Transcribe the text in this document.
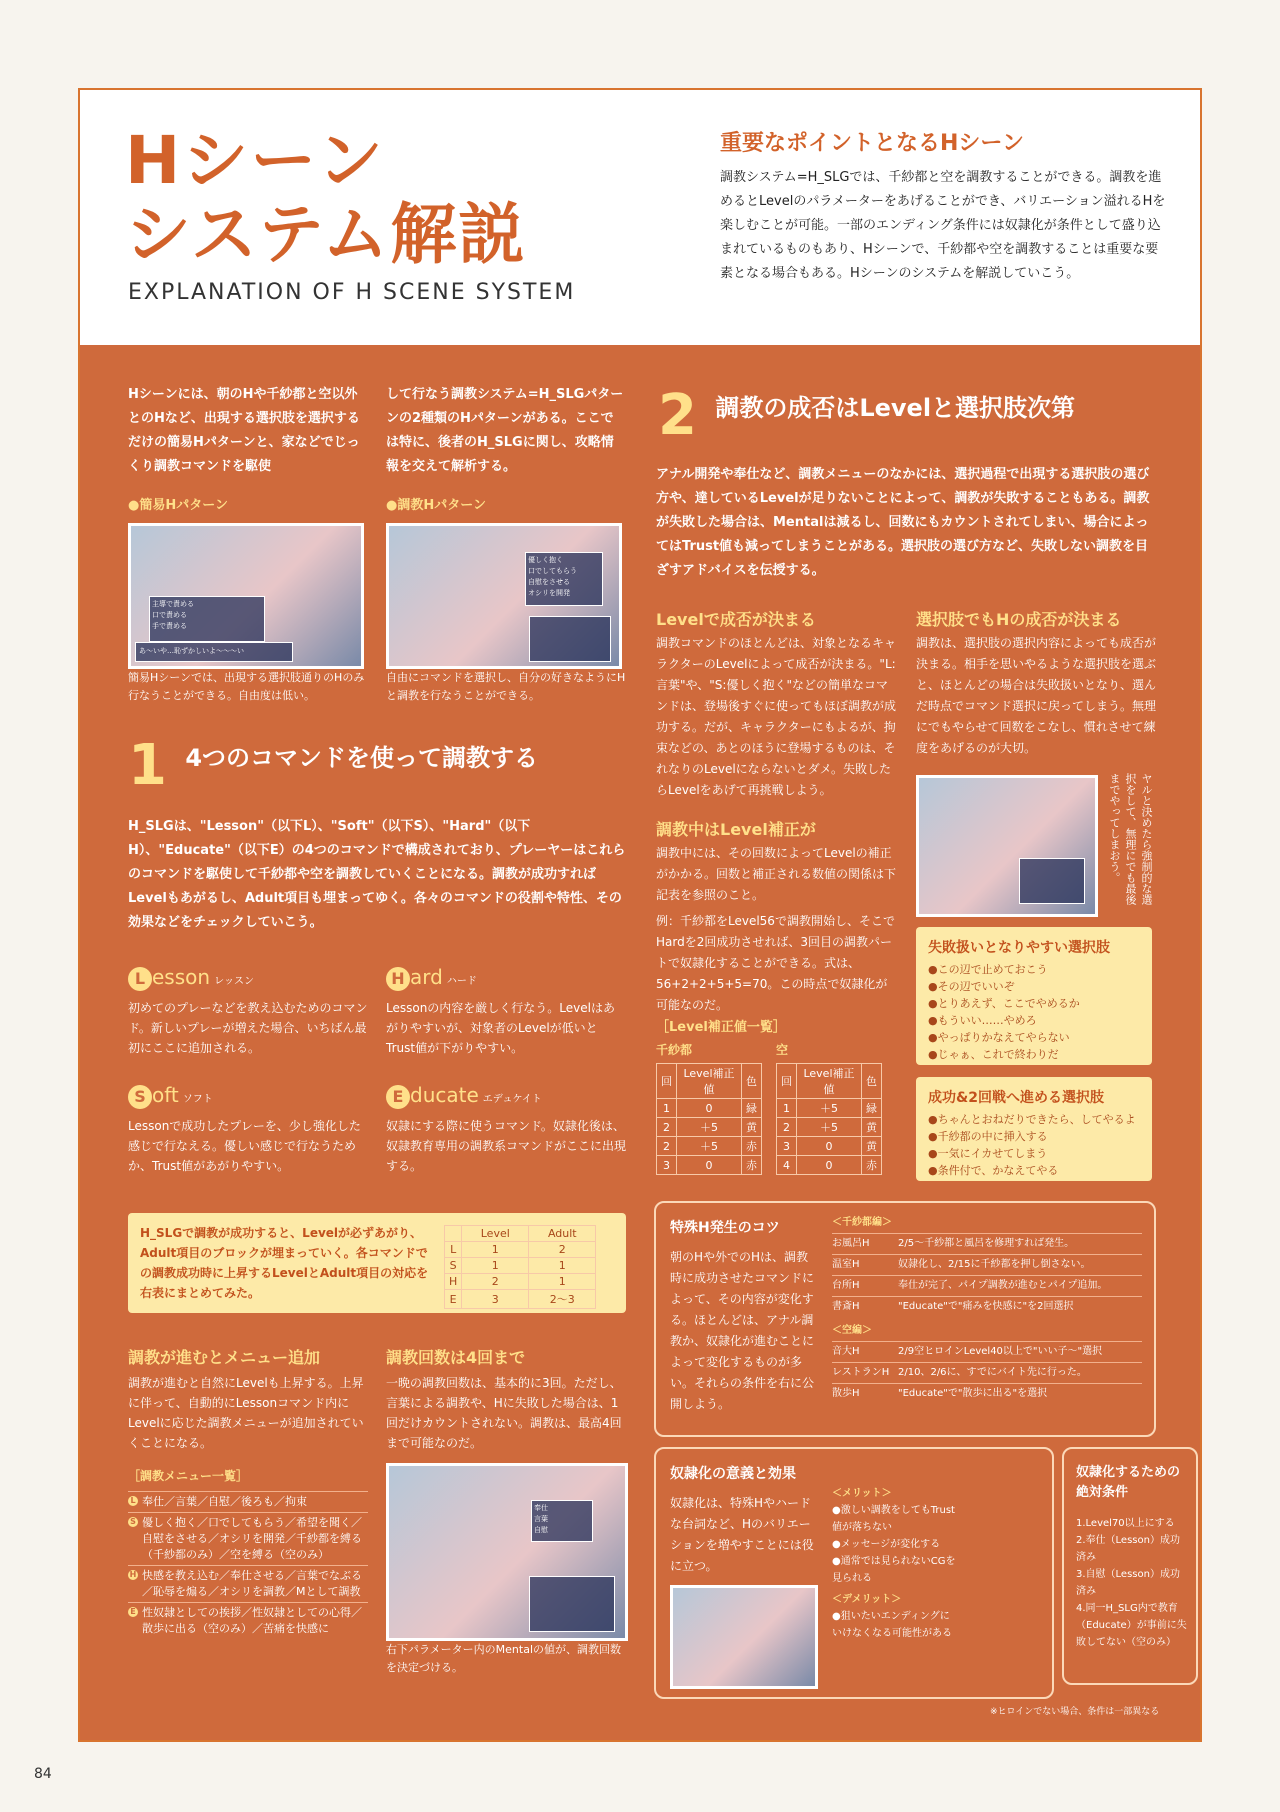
Hシーン
システム解説
EXPLANATION OF H SCENE SYSTEM
重要なポイントとなるHシーン
調教システム=H_SLGでは、千紗都と空を調教することができる。調教を進めるとLevelのパラメーターをあげることができ、バリエーション溢れるHを楽しむことが可能。一部のエンディング条件には奴隷化が条件として盛り込まれているものもあり、Hシーンで、千紗都や空を調教することは重要な要素となる場合もある。Hシーンのシステムを解説していこう。
Hシーンには、朝のHや千紗都と空以外とのHなど、出現する選択肢を選択するだけの簡易Hパターンと、家などでじっくり調教コマンドを駆使
して行なう調教システム=H_SLGパターンの2種類のHパターンがある。ここでは特に、後者のH_SLGに関し、攻略情報を交えて解析する。
●簡易Hパターン	●調教Hパターン
主導で責める
口で責める
手で責める
あ～いや…恥ずかしいよ～～～い
優しく抱く
口でしてもらう
自慰をさせる
オシリを開発
簡易Hシーンでは、出現する選択肢通りのHのみ行なうことができる。自由度は低い。
自由にコマンドを選択し、自分の好きなようにHと調教を行なうことができる。
1 4つのコマンドを使って調教する
H_SLGは、"Lesson"（以下L）、"Soft"（以下S）、"Hard"（以下H）、"Educate"（以下E）の4つのコマンドで構成されており、プレーヤーはこれらのコマンドを駆使して千紗都や空を調教していくことになる。調教が成功すればLevelもあがるし、Adult項目も埋まってゆく。各々のコマンドの役割や特性、その効果などをチェックしていこう。
L esson レッスン
初めてのプレーなどを教え込むためのコマンド。新しいプレーが増えた場合、いちばん最初にここに追加される。
H ard ハード
Lessonの内容を厳しく行なう。Levelはあがりやすいが、対象者のLevelが低いとTrust値が下がりやすい。
S oft ソフト
Lessonで成功したプレーを、少し強化した感じで行なえる。優しい感じで行なうためか、Trust値があがりやすい。
E ducate エデュケイト
奴隷にする際に使うコマンド。奴隷化後は、奴隷教育専用の調教系コマンドがここに出現する。
H_SLGで調教が成功すると、Levelが必ずあがり、Adult項目のブロックが埋まっていく。各コマンドでの調教成功時に上昇するLevelとAdult項目の対応を右表にまとめてみた。
	Level	Adult
L	1	2
S	1	1
H	2	1
E	3	2〜3
調教が進むとメニュー追加
調教が進むと自然にLevelも上昇する。上昇に伴って、自動的にLessonコマンド内にLevelに応じた調教メニューが追加されていくことになる。
［調教メニュー一覧］
L 奉仕／言葉／自慰／後ろも／拘束
S 優しく抱く／口でしてもらう／希望を聞く／自慰をさせる／オシリを開発／千紗都を縛る（千紗都のみ）／空を縛る（空のみ）
H 快感を教え込む／奉仕させる／言葉でなぶる／恥辱を煽る／オシリを調教／Mとして調教
E 性奴隷としての挨拶／性奴隷としての心得／散歩に出る（空のみ）／苦痛を快感に
調教回数は4回まで
一晩の調教回数は、基本的に3回。ただし、言葉による調教や、Hに失敗した場合は、1回だけカウントされない。調教は、最高4回まで可能なのだ。
奉仕
言葉
自慰
右下パラメーター内のMentalの値が、調教回数を決定づける。
2 調教の成否はLevelと選択肢次第
アナル開発や奉仕など、調教メニューのなかには、選択過程で出現する選択肢の選び方や、達しているLevelが足りないことによって、調教が失敗することもある。調教が失敗した場合は、Mentalは減るし、回数にもカウントされてしまい、場合によってはTrust値も減ってしまうことがある。選択肢の選び方など、失敗しない調教を目ざすアドバイスを伝授する。
Levelで成否が決まる
調教コマンドのほとんどは、対象となるキャラクターのLevelによって成否が決まる。"L:言葉"や、"S:優しく抱く"などの簡単なコマンドは、登場後すぐに使ってもほぼ調教が成功する。だが、キャラクターにもよるが、拘束などの、あとのほうに登場するものは、それなりのLevelにならないとダメ。失敗したらLevelをあげて再挑戦しよう。
選択肢でもHの成否が決まる
調教は、選択肢の選択内容によっても成否が決まる。相手を思いやるような選択肢を選ぶと、ほとんどの場合は失敗扱いとなり、選んだ時点でコマンド選択に戻ってしまう。無理にでもやらせて回数をこなし、慣れさせて練度をあげるのが大切。
ヤルと決めたら強制的な選択をして、無理にでも最後までやってしまおう。
調教中はLevel補正が
調教中には、その回数によってLevelの補正がかかる。回数と補正される数値の関係は下記表を参照のこと。
例：千紗都をLevel56で調教開始し、そこでHardを2回成功させれば、3回目の調教パートで奴隷化することができる。式は、56+2+2+5+5=70。この時点で奴隷化が可能なのだ。
［Level補正値一覧］
千紗都	空
回	Level補正値	色
1	0	緑
2	＋5	黄
2	＋5	赤
3	0	赤
回	Level補正値	色
1	＋5	緑
2	＋5	黄
3	0	黄
4	0	赤
失敗扱いとなりやすい選択肢
●この辺で止めておこう
●その辺でいいぞ
●とりあえず、ここでやめるか
●もういい……やめろ
●やっぱりかなえてやらない
●じゃぁ、これで終わりだ
成功&2回戦へ進める選択肢
●ちゃんとおねだりできたら、してやるよ
●千紗都の中に挿入する
●一気にイカせてしまう
●条件付で、かなえてやる
特殊H発生のコツ
朝のHや外でのHは、調教時に成功させたコマンドによって、その内容が変化する。ほとんどは、アナル調教か、奴隷化が進むことによって変化するものが多い。それらの条件を右に公開しよう。
＜千紗都編＞
お風呂H	2/5〜千紗都と風呂を修理すれば発生。
温室H	奴隷化し、2/15に千紗都を押し倒さない。
台所H	奉仕が完了、パイプ調教が進むとパイプ追加。
書斎H	"Educate"で"痛みを快感に"を2回選択
＜空編＞
音大H	2/9空ヒロインLevel40以上で"いい子〜"選択
レストランH 2/10、2/6に、すでにバイト先に行った。
散歩H	"Educate"で"散歩に出る"を選択
奴隷化の意義と効果
奴隷化は、特殊Hやハードな台詞など、Hのバリエーションを増やすことには役に立つ。
＜メリット＞
●激しい調教をしてもTrust値が落ちない
●メッセージが変化する
●通常では見られないCGを見られる
＜デメリット＞
●狙いたいエンディングにいけなくなる可能性がある
奴隷化するための絶対条件
1.Level70以上にする
2.奉仕（Lesson）成功済み
3.自慰（Lesson）成功済み
4.同一H_SLG内で教育（Educate）が事前に失敗してない（空のみ）
※ヒロインでない場合、条件は一部異なる
84
